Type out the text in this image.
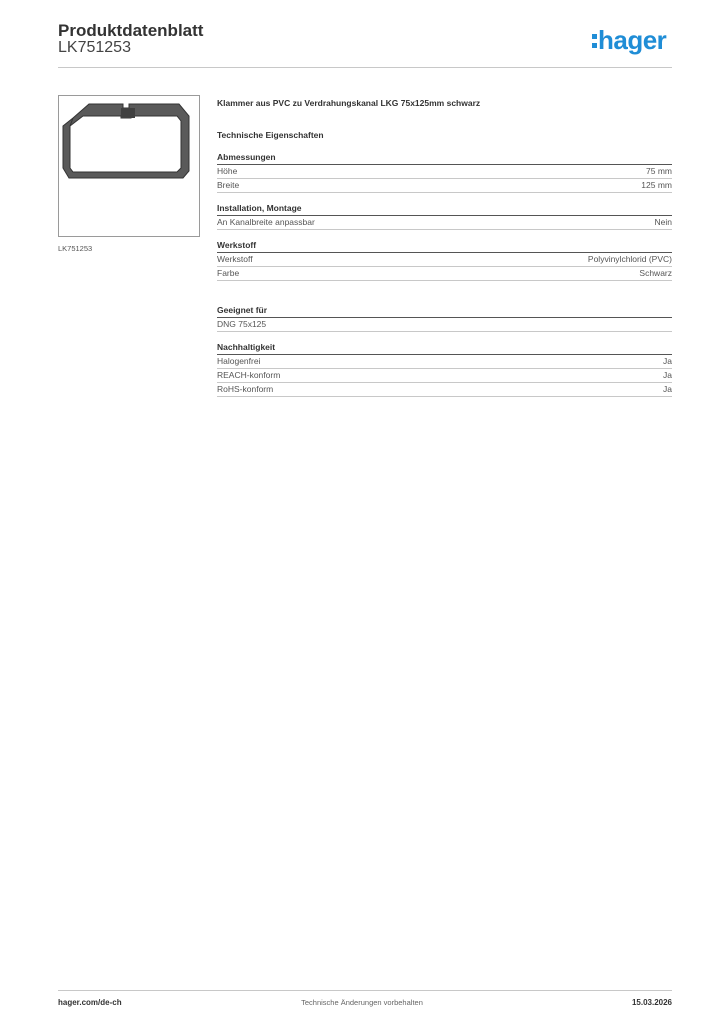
Produktdatenblatt
LK751253	hager
LK751253
Klammer aus PVC zu Verdrahungskanal LKG 75x125mm schwarz
Technische Eigenschaften
Abmessungen
Höhe	75 mm
Breite	125 mm
Installation, Montage
An Kanalbreite anpassbar	Nein
Werkstoff
Werkstoff	Polyvinylchlorid (PVC)
Farbe	Schwarz
Geeignet für
DNG 75x125
Nachhaltigkeit
Halogenfrei	Ja
REACH-konform	Ja
RoHS-konform	Ja
hager.com/de-ch	Technische Änderungen vorbehalten	15.03.2026
